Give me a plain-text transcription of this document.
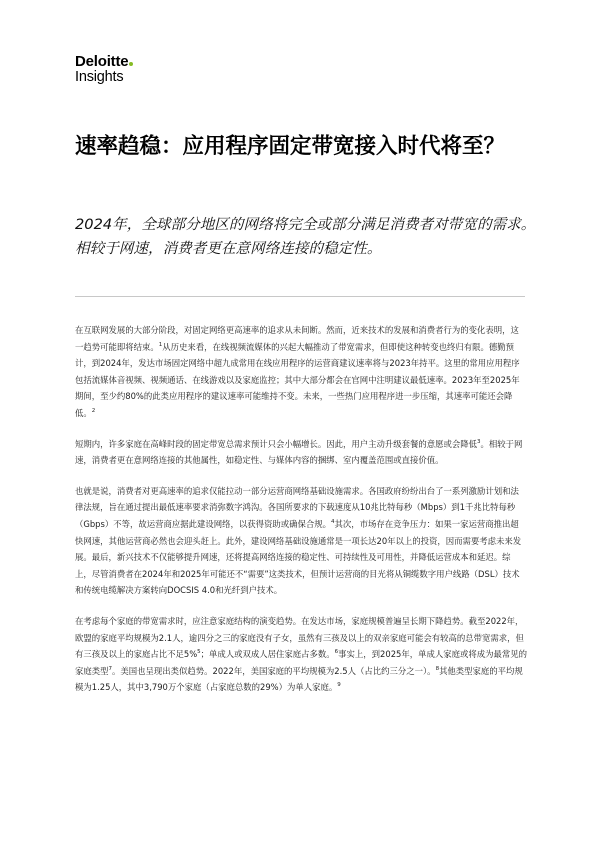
Deloitte
Insights
速率趋稳：应用程序固定带宽接入时代将至？

2024年，全球部分地区的网络将完全或部分满足消费者对带宽的需求。相较于网速，消费者更在意网络连接的稳定性。

在互联网发展的大部分阶段，对固定网络更高速率的追求从未间断。然而，近来技术的发展和消费者行为的变化表明，这一趋势可能即将结束。$^1$从历史来看，在线视频流媒体的兴起大幅推动了带宽需求，但即使这种转变也终归有限。德勤预计，到2024年，发达市场固定网络中超九成常用在线应用程序的运营商建议速率将与2023年持平。这里的常用应用程序包括流媒体音视频、视频通话、在线游戏以及家庭监控；其中大部分都会在官网中注明建议最低速率。2023年至2025年期间，至少约80%的此类应用程序的建议速率可能维持不变。未来，一些热门应用程序进一步压缩，其速率可能还会降低。$^2$

短期内，许多家庭在高峰时段的固定带宽总需求预计只会小幅增长。因此，用户主动升级套餐的意愿或会降低$^3$。相较于网速，消费者更在意网络连接的其他属性，如稳定性、与媒体内容的捆绑、室内覆盖范围或直接价值。

也就是说，消费者对更高速率的追求仅能拉动一部分运营商网络基础设施需求。各国政府纷纷出台了一系列激励计划和法律法规，旨在通过提出最低速率要求消弥数字鸿沟。各国所要求的下载速度从10兆比特每秒（Mbps）到1千兆比特每秒（Gbps）不等，故运营商应据此建设网络，以获得资助或确保合规。$^4$其次，市场存在竞争压力：如果一家运营商推出超快网速，其他运营商必然也会迎头赶上。此外，建设网络基础设施通常是一项长达20年以上的投资，因而需要考虑未来发展。最后，新兴技术不仅能够提升网速，还将提高网络连接的稳定性、可持续性及可用性，并降低运营成本和延迟。综上，尽管消费者在2024年和2025年可能还不“需要”这类技术，但预计运营商的目光将从铜缆数字用户线路（DSL）技术和传统电缆解决方案转向DOCSIS 4.0和光纤到户技术。

在考虑每个家庭的带宽需求时，应注意家庭结构的演变趋势。在发达市场，家庭规模普遍呈长期下降趋势。截至2022年，欧盟的家庭平均规模为2.1人，逾四分之三的家庭没有子女，虽然有三孩及以上的双亲家庭可能会有较高的总带宽需求，但有三孩及以上的家庭占比不足5%$^5$；单成人或双成人居住家庭占多数。$^6$事实上，到2025年，单成人家庭或将成为最常见的家庭类型$^7$。美国也呈现出类似趋势。2022年，美国家庭的平均规模为2.5人（占比约三分之一）。$^8$其他类型家庭的平均规模为1.25人，其中3,790万个家庭（占家庭总数的29%）为单人家庭。$^9$
